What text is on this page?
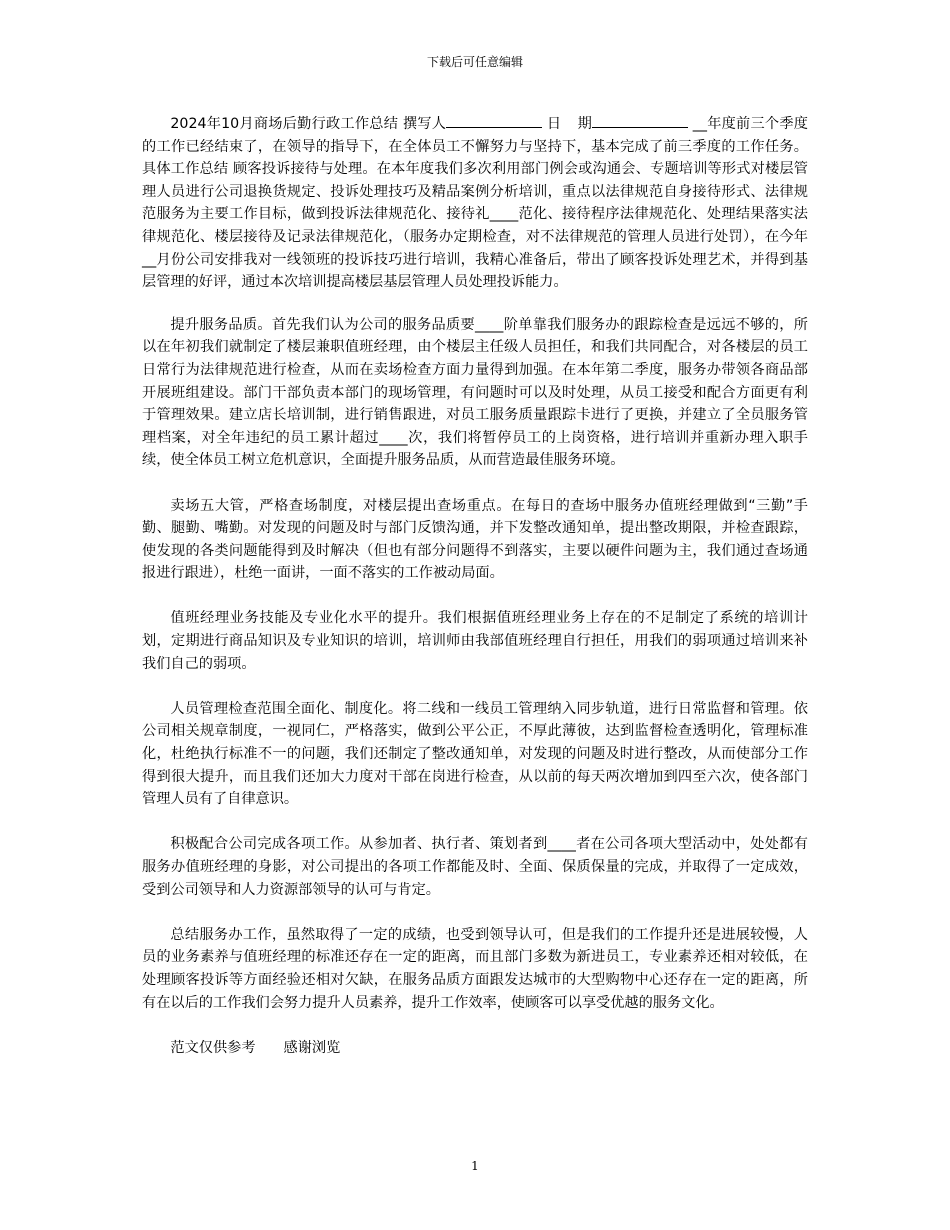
下载后可任意编辑

2024年10月商场后勤行政工作总结 撰写人	日 期	__年度前三个季度的工作已经结束了，在领导的指导下，在全体员工不懈努力与坚持下，基本完成了前三季度的工作任务。具体工作总结 顾客投诉接待与处理。在本年度我们多次利用部门例会或沟通会、专题培训等形式对楼层管理人员进行公司退换货规定、投诉处理技巧及精品案例分析培训，重点以法律规范自身接待形式、法律规范服务为主要工作目标，做到投诉法律规范化、接待礼____范化、接待程序法律规范化、处理结果落实法律规范化、楼层接待及记录法律规范化，（服务办定期检查，对不法律规范的管理人员进行处罚），在今年__月份公司安排我对一线领班的投诉技巧进行培训，我精心准备后，带出了顾客投诉处理艺术，并得到基层管理的好评，通过本次培训提高楼层基层管理人员处理投诉能力。

提升服务品质。首先我们认为公司的服务品质要____阶单靠我们服务办的跟踪检查是远远不够的，所以在年初我们就制定了楼层兼职值班经理，由个楼层主任级人员担任，和我们共同配合，对各楼层的员工日常行为法律规范进行检查，从而在卖场检查方面力量得到加强。在本年第二季度，服务办带领各商品部开展班组建设。部门干部负责本部门的现场管理，有问题时可以及时处理，从员工接受和配合方面更有利于管理效果。建立店长培训制，进行销售跟进，对员工服务质量跟踪卡进行了更换，并建立了全员服务管理档案，对全年违纪的员工累计超过____次，我们将暂停员工的上岗资格，进行培训并重新办理入职手续，使全体员工树立危机意识，全面提升服务品质，从而营造最佳服务环境。

卖场五大管，严格查场制度，对楼层提出查场重点。在每日的查场中服务办值班经理做到“三勤”手勤、腿勤、嘴勤。对发现的问题及时与部门反馈沟通，并下发整改通知单，提出整改期限，并检查跟踪，使发现的各类问题能得到及时解决（但也有部分问题得不到落实，主要以硬件问题为主，我们通过查场通报进行跟进），杜绝一面讲，一面不落实的工作被动局面。

值班经理业务技能及专业化水平的提升。我们根据值班经理业务上存在的不足制定了系统的培训计划，定期进行商品知识及专业知识的培训，培训师由我部值班经理自行担任，用我们的弱项通过培训来补我们自己的弱项。

人员管理检查范围全面化、制度化。将二线和一线员工管理纳入同步轨道，进行日常监督和管理。依公司相关规章制度，一视同仁，严格落实，做到公平公正，不厚此薄彼，达到监督检查透明化，管理标准化，杜绝执行标准不一的问题，我们还制定了整改通知单，对发现的问题及时进行整改，从而使部分工作得到很大提升，而且我们还加大力度对干部在岗进行检查，从以前的每天两次增加到四至六次，使各部门管理人员有了自律意识。

积极配合公司完成各项工作。从参加者、执行者、策划者到____者在公司各项大型活动中，处处都有服务办值班经理的身影，对公司提出的各项工作都能及时、全面、保质保量的完成，并取得了一定成效，受到公司领导和人力资源部领导的认可与肯定。

总结服务办工作，虽然取得了一定的成绩，也受到领导认可，但是我们的工作提升还是进展较慢，人员的业务素养与值班经理的标准还存在一定的距离，而且部门多数为新进员工，专业素养还相对较低，在处理顾客投诉等方面经验还相对欠缺，在服务品质方面跟发达城市的大型购物中心还存在一定的距离，所有在以后的工作我们会努力提升人员素养，提升工作效率，使顾客可以享受优越的服务文化。

范文仅供参考 感谢浏览

1
